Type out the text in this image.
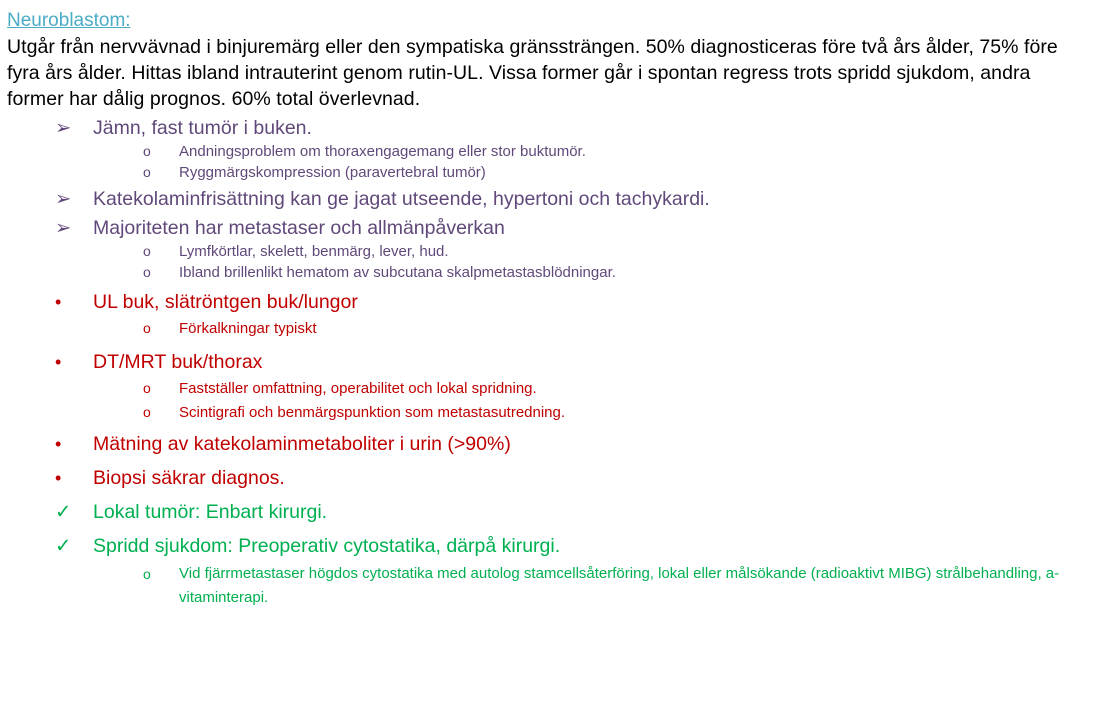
Neuroblastom:

Utgår från nervvävnad i binjuremärg eller den sympatiska gränssträngen. 50% diagnosticeras före två års ålder, 75% före fyra års ålder. Hittas ibland intrauterint genom rutin-UL. Vissa former går i spontan regress trots spridd sjukdom, andra former har dålig prognos. 60% total överlevnad.

➢	Jämn, fast tumör i buken.
o Andningsproblem om thoraxengagemang eller stor buktumör.
o Ryggmärgskompression (paravertebral tumör)
➢	Katekolaminfrisättning kan ge jagat utseende, hypertoni och tachykardi.
➢	Majoriteten har metastaser och allmänpåverkan
o Lymfkörtlar, skelett, benmärg, lever, hud.
o Ibland brillenlikt hematom av subcutana skalpmetastasblödningar.
•	UL buk, slätröntgen buk/lungor
o Förkalkningar typiskt
•	DT/MRT buk/thorax
o Fastställer omfattning, operabilitet och lokal spridning.
o Scintigrafi och benmärgspunktion som metastasutredning.
•	Mätning av katekolaminmetaboliter i urin (>90%)
•	Biopsi säkrar diagnos.
✓	Lokal tumör: Enbart kirurgi.
✓	Spridd sjukdom: Preoperativ cytostatika, därpå kirurgi.
o Vid fjärrmetastaser högdos cytostatika med autolog stamcellsåterföring, lokal eller målsökande (radioaktivt MIBG) strålbehandling, a-vitaminterapi.
